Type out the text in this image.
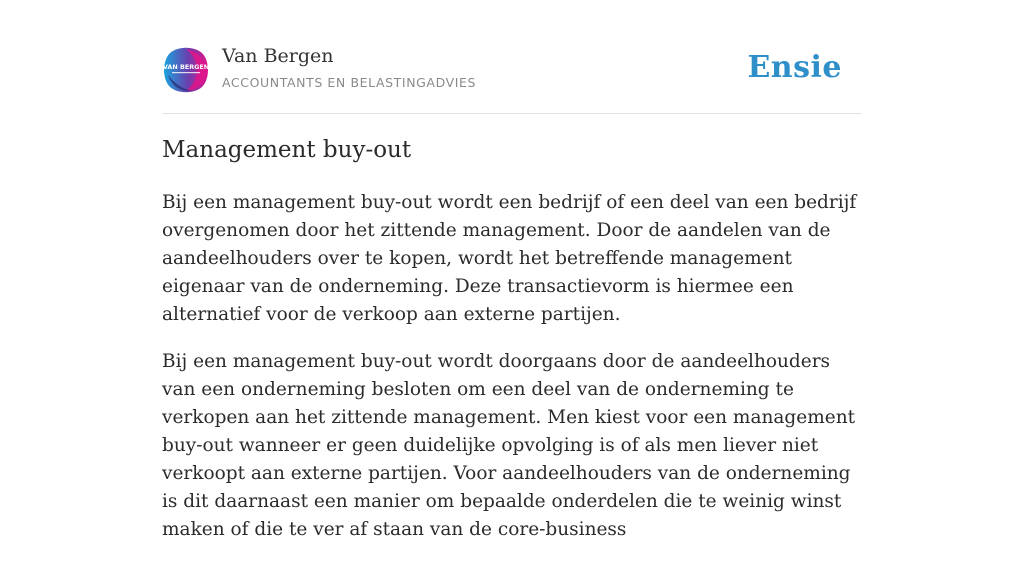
VAN BERGEN Van Bergen
ACCOUNTANTS EN BELASTINGADVIES	Ensie
Management buy-out

Bij een management buy-out wordt een bedrijf of een deel van een bedrijf overgenomen door het zittende management. Door de aandelen van de aandeelhouders over te kopen, wordt het betreffende management eigenaar van de onderneming. Deze transactievorm is hiermee een alternatief voor de verkoop aan externe partijen.

Bij een management buy-out wordt doorgaans door de aandeelhouders van een onderneming besloten om een deel van de onderneming te verkopen aan het zittende management. Men kiest voor een management buy-out wanneer er geen duidelijke opvolging is of als men liever niet verkoopt aan externe partijen. Voor aandeelhouders van de onderneming is dit daarnaast een manier om bepaalde onderdelen die te weinig winst maken of die te ver af staan van de core-business
